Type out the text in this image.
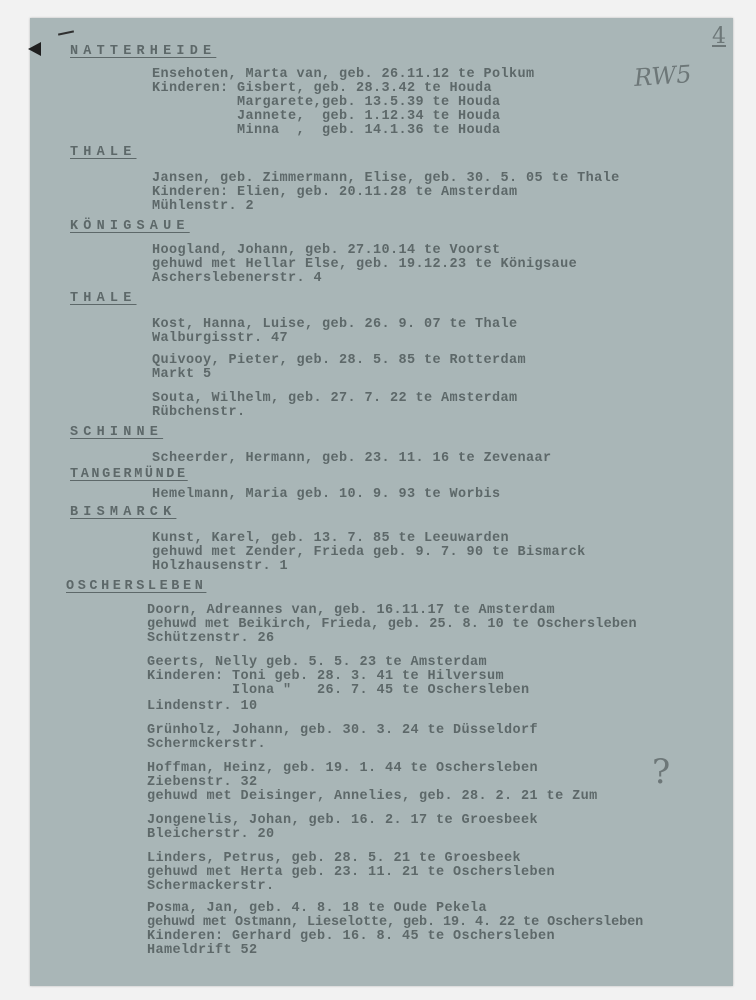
4
RW5
?
NATTERHEIDE
Ensehoten, Marta van, geb. 26.11.12 te Polkum
Kinderen: Gisbert, geb. 28.3.42 te Houda
Margarete,geb. 13.5.39 te Houda
Jannete,  geb. 1.12.34 te Houda
Minna  ,  geb. 14.1.36 te Houda
THALE
Jansen, geb. Zimmermann, Elise, geb. 30. 5. 05 te Thale
Kinderen: Elien, geb. 20.11.28 te Amsterdam
Mühlenstr. 2
KÖNIGSAUE
Hoogland, Johann, geb. 27.10.14 te Voorst
gehuwd met Hellar Else, geb. 19.12.23 te Königsaue
Ascherslebenerstr. 4
THALE
Kost, Hanna, Luise, geb. 26. 9. 07 te Thale
Walburgisstr. 47
Quivooy, Pieter, geb. 28. 5. 85 te Rotterdam
Markt 5
Souta, Wilhelm, geb. 27. 7. 22 te Amsterdam
Rübchenstr.
SCHINNE
Scheerder, Hermann, geb. 23. 11. 16 te Zevenaar
TANGERMÜNDE
Hemelmann, Maria geb. 10. 9. 93 te Worbis
BISMARCK
Kunst, Karel, geb. 13. 7. 85 te Leeuwarden
gehuwd met Zender, Frieda geb. 9. 7. 90 te Bismarck
Holzhausenstr. 1
OSCHERSLEBEN
Doorn, Adreannes van, geb. 16.11.17 te Amsterdam
gehuwd met Beikirch, Frieda, geb. 25. 8. 10 te Oschersleben
Schützenstr. 26
Geerts, Nelly geb. 5. 5. 23 te Amsterdam
Kinderen: Toni geb. 28. 3. 41 te Hilversum
Ilona "   26. 7. 45 te Oschersleben
Lindenstr. 10
Grünholz, Johann, geb. 30. 3. 24 te Düsseldorf
Schermckerstr.
Hoffman, Heinz, geb. 19. 1. 44 te Oschersleben
Ziebenstr. 32
gehuwd met Deisinger, Annelies, geb. 28. 2. 21 te Zum
Jongenelis, Johan, geb. 16. 2. 17 te Groesbeek
Bleicherstr. 20
Linders, Petrus, geb. 28. 5. 21 te Groesbeek
gehuwd met Herta geb. 23. 11. 21 te Oschersleben
Schermackerstr.
Posma, Jan, geb. 4. 8. 18 te Oude Pekela
gehuwd met Ostmann, Lieselotte, geb. 19. 4. 22 te Oschersleben
Kinderen: Gerhard geb. 16. 8. 45 te Oschersleben
Hameldrift 52
